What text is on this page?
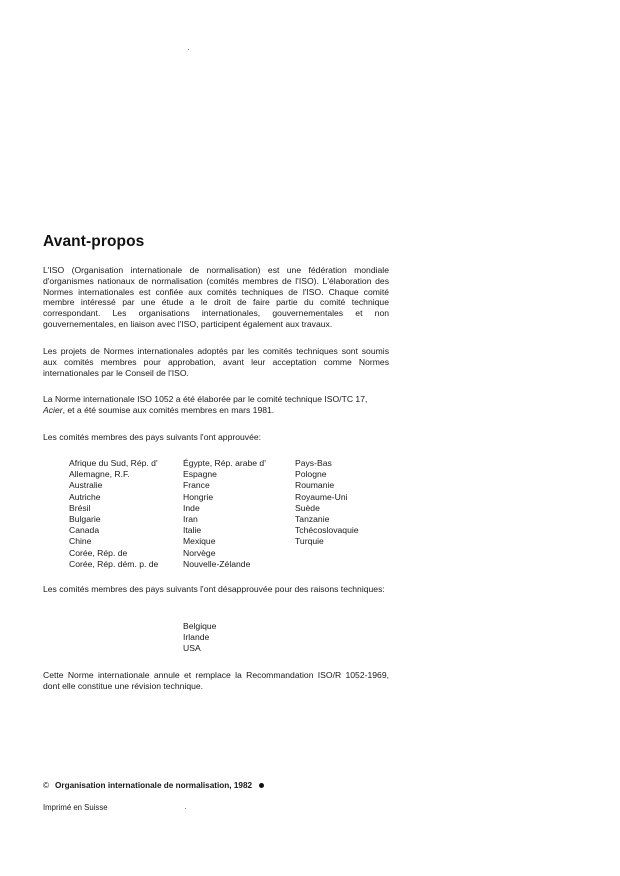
Avant-propos

L'ISO (Organisation internationale de normalisation) est une fédération mondiale d'organismes nationaux de normalisation (comités membres de l'ISO). L'élaboration des Normes internationales est confiée aux comités techniques de l'ISO. Chaque comité membre intéressé par une étude a le droit de faire partie du comité technique correspondant. Les organisations internationales, gouvernementales et non gouvernementales, en liaison avec l'ISO, participent également aux travaux.

Les projets de Normes internationales adoptés par les comités techniques sont soumis aux comités membres pour approbation, avant leur acceptation comme Normes internationales par le Conseil de l'ISO.

La Norme internationale ISO 1052 a été élaborée par le comité technique ISO/TC 17,
Acier, et a été soumise aux comités membres en mars 1981.

Les comités membres des pays suivants l'ont approuvée:

Afrique du Sud, Rép. d'
Allemagne, R.F.
Australie
Autriche
Brésil
Bulgarie
Canada
Chine
Corée, Rép. de
Corée, Rép. dém. p. de
Égypte, Rép. arabe d'
Espagne
France
Hongrie
Inde
Iran
Italie
Mexique
Norvège
Nouvelle-Zélande
Pays-Bas
Pologne
Roumanie
Royaume-Uni
Suède
Tanzanie
Tchécoslovaquie
Turquie

Les comités membres des pays suivants l'ont désapprouvée pour des raisons techniques:

Belgique
Irlande
USA

Cette Norme internationale annule et remplace la Recommandation ISO/R 1052-1969, dont elle constitue une révision technique.

© Organisation internationale de normalisation, 1982
Imprimé en Suisse
